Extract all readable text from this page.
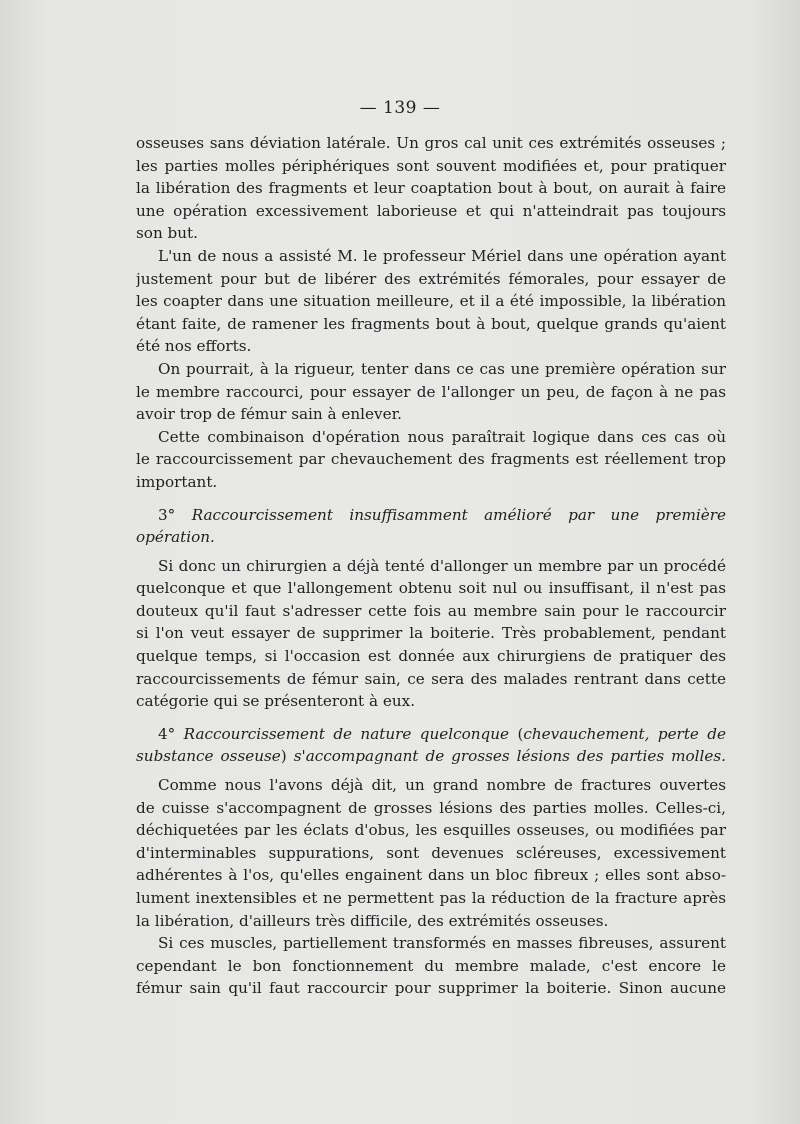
— 139 —

osseuses sans déviation latérale. Un gros cal unit ces extrémités osseuses ;
les parties molles périphériques sont souvent modifiées et, pour pratiquer
la libération des fragments et leur coaptation bout à bout, on aurait à faire
une opération excessivement laborieuse et qui n'atteindrait pas toujours
son but.

L'un de nous a assisté M. le professeur Mériel dans une opération ayant
justement pour but de libérer des extrémités fémorales, pour essayer de
les coapter dans une situation meilleure, et il a été impossible, la libération
étant faite, de ramener les fragments bout à bout, quelque grands qu'aient
été nos efforts.

On pourrait, à la rigueur, tenter dans ce cas une première opération sur
le membre raccourci, pour essayer de l'allonger un peu, de façon à ne pas
avoir trop de fémur sain à enlever.

Cette combinaison d'opération nous paraîtrait logique dans ces cas où
le raccourcissement par chevauchement des fragments est réellement trop
important.

3° Raccourcissement insuffisamment amélioré par une première
opération.

Si donc un chirurgien a déjà tenté d'allonger un membre par un procédé
quelconque et que l'allongement obtenu soit nul ou insuffisant, il n'est pas
douteux qu'il faut s'adresser cette fois au membre sain pour le raccourcir
si l'on veut essayer de supprimer la boiterie. Très probablement, pendant
quelque temps, si l'occasion est donnée aux chirurgiens de pratiquer des
raccourcissements de fémur sain, ce sera des malades rentrant dans cette
catégorie qui se présenteront à eux.

4° Raccourcissement de nature quelconque (chevauchement, perte de
substance osseuse) s'accompagnant de grosses lésions des parties molles.

Comme nous l'avons déjà dit, un grand nombre de fractures ouvertes
de cuisse s'accompagnent de grosses lésions des parties molles. Celles-ci,
déchiquetées par les éclats d'obus, les esquilles osseuses, ou modifiées par
d'interminables suppurations, sont devenues scléreuses, excessivement
adhérentes à l'os, qu'elles engainent dans un bloc fibreux ; elles sont abso-
lument inextensibles et ne permettent pas la réduction de la fracture après
la libération, d'ailleurs très difficile, des extrémités osseuses.

Si ces muscles, partiellement transformés en masses fibreuses, assurent
cependant le bon fonctionnement du membre malade, c'est encore le
fémur sain qu'il faut raccourcir pour supprimer la boiterie. Sinon aucune
